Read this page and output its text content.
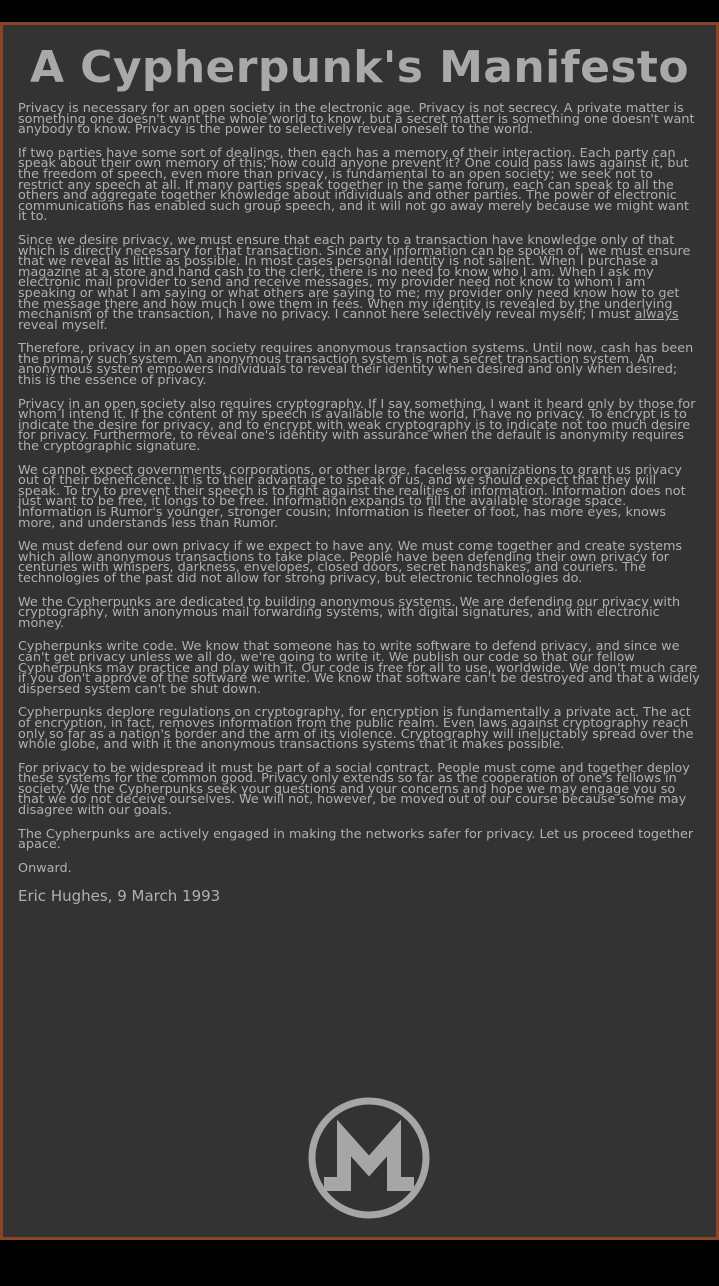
A Cypherpunk's Manifesto

Privacy is necessary for an open society in the electronic age. Privacy is not secrecy. A private matter is something one doesn't want the whole world to know, but a secret matter is something one doesn't want anybody to know. Privacy is the power to selectively reveal oneself to the world.

If two parties have some sort of dealings, then each has a memory of their interaction. Each party can speak about their own memory of this; how could anyone prevent it? One could pass laws against it, but the freedom of speech, even more than privacy, is fundamental to an open society; we seek not to restrict any speech at all. If many parties speak together in the same forum, each can speak to all the others and aggregate together knowledge about individuals and other parties. The power of electronic communications has enabled such group speech, and it will not go away merely because we might want it to.

Since we desire privacy, we must ensure that each party to a transaction have knowledge only of that which is directly necessary for that transaction. Since any information can be spoken of, we must ensure that we reveal as little as possible. In most cases personal identity is not salient. When I purchase a magazine at a store and hand cash to the clerk, there is no need to know who I am. When I ask my electronic mail provider to send and receive messages, my provider need not know to whom I am speaking or what I am saying or what others are saying to me; my provider only need know how to get the message there and how much I owe them in fees. When my identity is revealed by the underlying mechanism of the transaction, I have no privacy. I cannot here selectively reveal myself; I must always reveal myself.

Therefore, privacy in an open society requires anonymous transaction systems. Until now, cash has been the primary such system. An anonymous transaction system is not a secret transaction system. An anonymous system empowers individuals to reveal their identity when desired and only when desired; this is the essence of privacy.

Privacy in an open society also requires cryptography. If I say something, I want it heard only by those for whom I intend it. If the content of my speech is available to the world, I have no privacy. To encrypt is to indicate the desire for privacy, and to encrypt with weak cryptography is to indicate not too much desire for privacy. Furthermore, to reveal one's identity with assurance when the default is anonymity requires the cryptographic signature.

We cannot expect governments, corporations, or other large, faceless organizations to grant us privacy out of their beneficence. It is to their advantage to speak of us, and we should expect that they will speak. To try to prevent their speech is to fight against the realities of information. Information does not just want to be free, it longs to be free. Information expands to fill the available storage space. Information is Rumor's younger, stronger cousin; Information is fleeter of foot, has more eyes, knows more, and understands less than Rumor.

We must defend our own privacy if we expect to have any. We must come together and create systems which allow anonymous transactions to take place. People have been defending their own privacy for centuries with whispers, darkness, envelopes, closed doors, secret handshakes, and couriers. The technologies of the past did not allow for strong privacy, but electronic technologies do.

We the Cypherpunks are dedicated to building anonymous systems. We are defending our privacy with cryptography, with anonymous mail forwarding systems, with digital signatures, and with electronic money.

Cypherpunks write code. We know that someone has to write software to defend privacy, and since we can't get privacy unless we all do, we're going to write it. We publish our code so that our fellow Cypherpunks may practice and play with it. Our code is free for all to use, worldwide. We don't much care if you don't approve of the software we write. We know that software can't be destroyed and that a widely dispersed system can't be shut down.

Cypherpunks deplore regulations on cryptography, for encryption is fundamentally a private act. The act of encryption, in fact, removes information from the public realm. Even laws against cryptography reach only so far as a nation's border and the arm of its violence. Cryptography will ineluctably spread over the whole globe, and with it the anonymous transactions systems that it makes possible.

For privacy to be widespread it must be part of a social contract. People must come and together deploy these systems for the common good. Privacy only extends so far as the cooperation of one's fellows in society. We the Cypherpunks seek your questions and your concerns and hope we may engage you so that we do not deceive ourselves. We will not, however, be moved out of our course because some may disagree with our goals.

The Cypherpunks are actively engaged in making the networks safer for privacy. Let us proceed together apace.

Onward.

Eric Hughes, 9 March 1993
